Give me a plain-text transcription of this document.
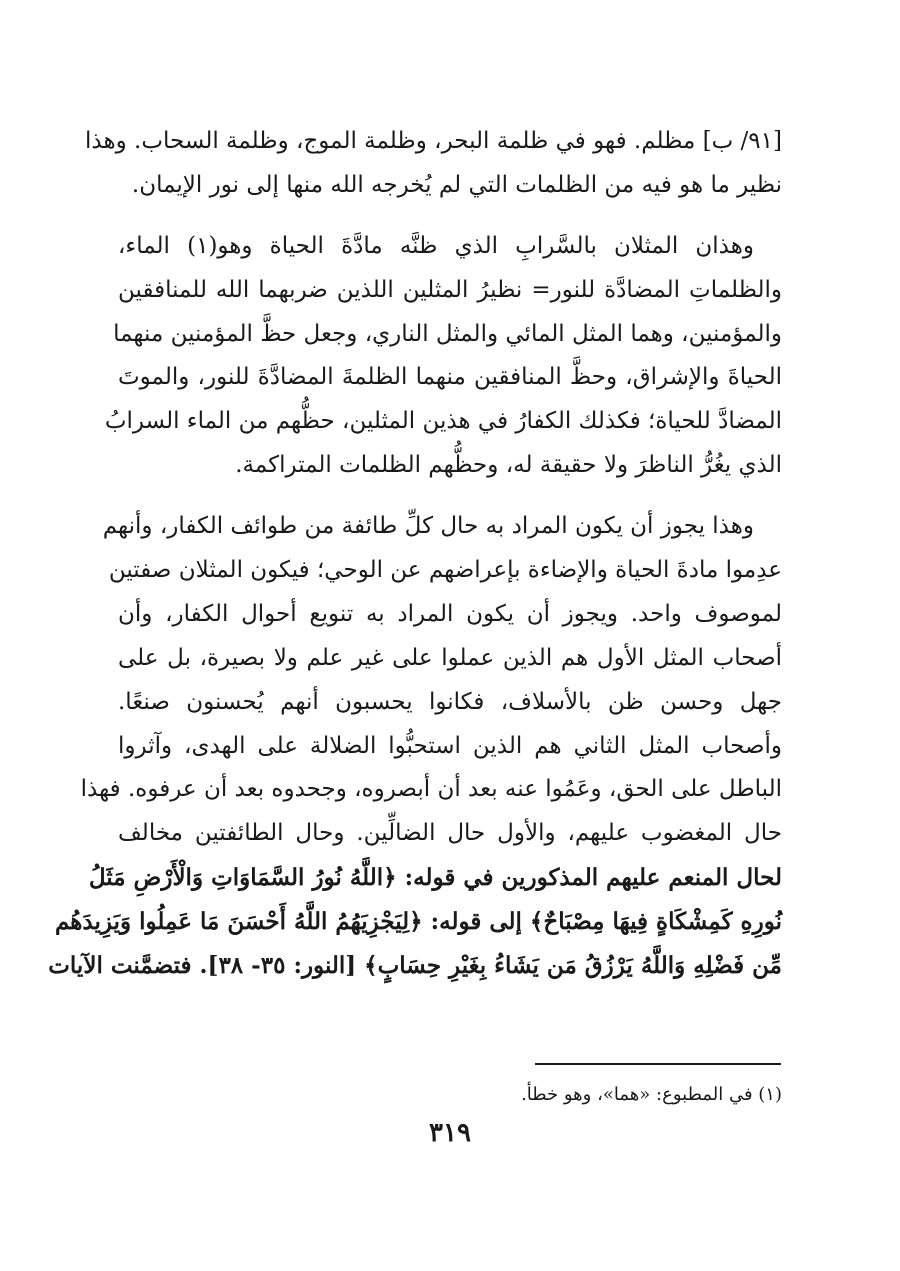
[٩١/ ب] مظلم. فهو في ظلمة البحر، وظلمة الموج، وظلمة السحاب. وهذا
نظير ما هو فيه من الظلمات التي لم يُخرجه الله منها إلى نور الإيمان.
وهذان المثلان بالسَّرابِ الذي ظنَّه مادَّةَ الحياة وهو(١) الماء،
والظلماتِ المضادَّة للنور= نظيرُ المثلين اللذين ضربهما الله للمنافقين
والمؤمنين، وهما المثل المائي والمثل الناري، وجعل حظَّ المؤمنين منهما
الحياةَ والإشراق، وحظَّ المنافقين منهما الظلمةَ المضادَّةَ للنور، والموتَ
المضادَّ للحياة؛ فكذلك الكفارُ في هذين المثلين، حظُّهم من الماء السرابُ
الذي يغُرُّ الناظرَ ولا حقيقة له، وحظُّهم الظلمات المتراكمة.
وهذا يجوز أن يكون المراد به حال كلِّ طائفة من طوائف الكفار، وأنهم
عدِموا مادةَ الحياة والإضاءة بإعراضهم عن الوحي؛ فيكون المثلان صفتين
لموصوف واحد. ويجوز أن يكون المراد به تنويع أحوال الكفار، وأن
أصحاب المثل الأول هم الذين عملوا على غير علم ولا بصيرة، بل على
جهل وحسن ظن بالأسلاف، فكانوا يحسبون أنهم يُحسنون صنعًا.
وأصحاب المثل الثاني هم الذين استحبُّوا الضلالة على الهدى، وآثروا
الباطل على الحق، وعَمُوا عنه بعد أن أبصروه، وجحدوه بعد أن عرفوه. فهذا
حال المغضوب عليهم، والأول حال الضالِّين. وحال الطائفتين مخالف
لحال المنعم عليهم المذكورين في قوله: ﴿اللَّهُ نُورُ السَّمَاوَاتِ وَالْأَرْضِ مَثَلُ
نُورِهِ كَمِشْكَاةٍ فِيهَا مِصْبَاحٌ﴾ إلى قوله: ﴿لِيَجْزِيَهُمُ اللَّهُ أَحْسَنَ مَا عَمِلُوا وَيَزِيدَهُم
مِّن فَضْلِهِ وَاللَّهُ يَرْزُقُ مَن يَشَاءُ بِغَيْرِ حِسَابٍ﴾ [النور: ٣٥- ٣٨]. فتضمَّنت الآيات
(١) في المطبوع: «هما»، وهو خطأ.
٣١٩
